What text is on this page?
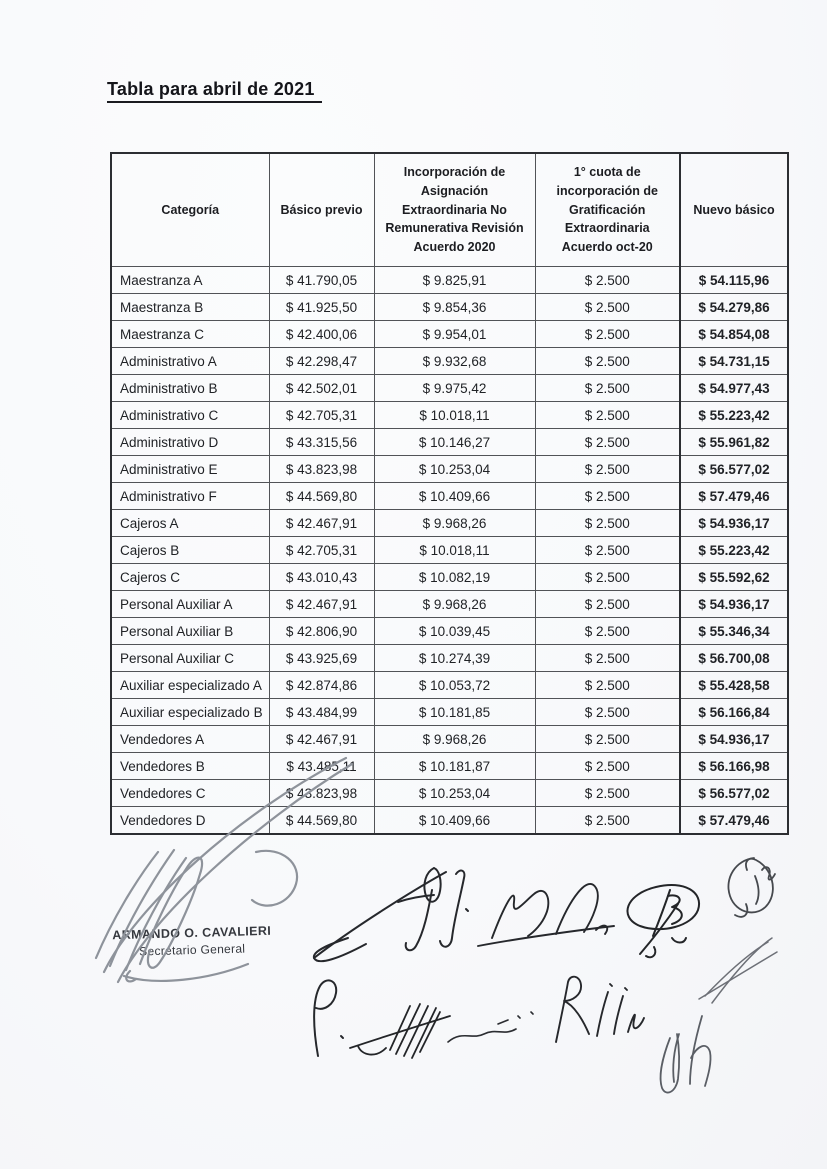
Tabla para abril de 2021
Categoría	Básico previo	Incorporación de Asignación Extraordinaria No Remunerativa Revisión Acuerdo 2020	1° cuota de incorporación de Gratificación Extraordinaria Acuerdo oct-20	Nuevo básico
Maestranza A	$ 41.790,05	$ 9.825,91	$ 2.500	$ 54.115,96
Maestranza B	$ 41.925,50	$ 9.854,36	$ 2.500	$ 54.279,86
Maestranza C	$ 42.400,06	$ 9.954,01	$ 2.500	$ 54.854,08
Administrativo A	$ 42.298,47	$ 9.932,68	$ 2.500	$ 54.731,15
Administrativo B	$ 42.502,01	$ 9.975,42	$ 2.500	$ 54.977,43
Administrativo C	$ 42.705,31	$ 10.018,11	$ 2.500	$ 55.223,42
Administrativo D	$ 43.315,56	$ 10.146,27	$ 2.500	$ 55.961,82
Administrativo E	$ 43.823,98	$ 10.253,04	$ 2.500	$ 56.577,02
Administrativo F	$ 44.569,80	$ 10.409,66	$ 2.500	$ 57.479,46
Cajeros A	$ 42.467,91	$ 9.968,26	$ 2.500	$ 54.936,17
Cajeros B	$ 42.705,31	$ 10.018,11	$ 2.500	$ 55.223,42
Cajeros C	$ 43.010,43	$ 10.082,19	$ 2.500	$ 55.592,62
Personal Auxiliar A	$ 42.467,91	$ 9.968,26	$ 2.500	$ 54.936,17
Personal Auxiliar B	$ 42.806,90	$ 10.039,45	$ 2.500	$ 55.346,34
Personal Auxiliar C	$ 43.925,69	$ 10.274,39	$ 2.500	$ 56.700,08
Auxiliar especializado A	$ 42.874,86	$ 10.053,72	$ 2.500	$ 55.428,58
Auxiliar especializado B	$ 43.484,99	$ 10.181,85	$ 2.500	$ 56.166,84
Vendedores A	$ 42.467,91	$ 9.968,26	$ 2.500	$ 54.936,17
Vendedores B	$ 43.485,11	$ 10.181,87	$ 2.500	$ 56.166,98
Vendedores C	$ 43.823,98	$ 10.253,04	$ 2.500	$ 56.577,02
Vendedores D	$ 44.569,80	$ 10.409,66	$ 2.500	$ 57.479,46
ARMANDO O. CAVALIERI
Secretario General
